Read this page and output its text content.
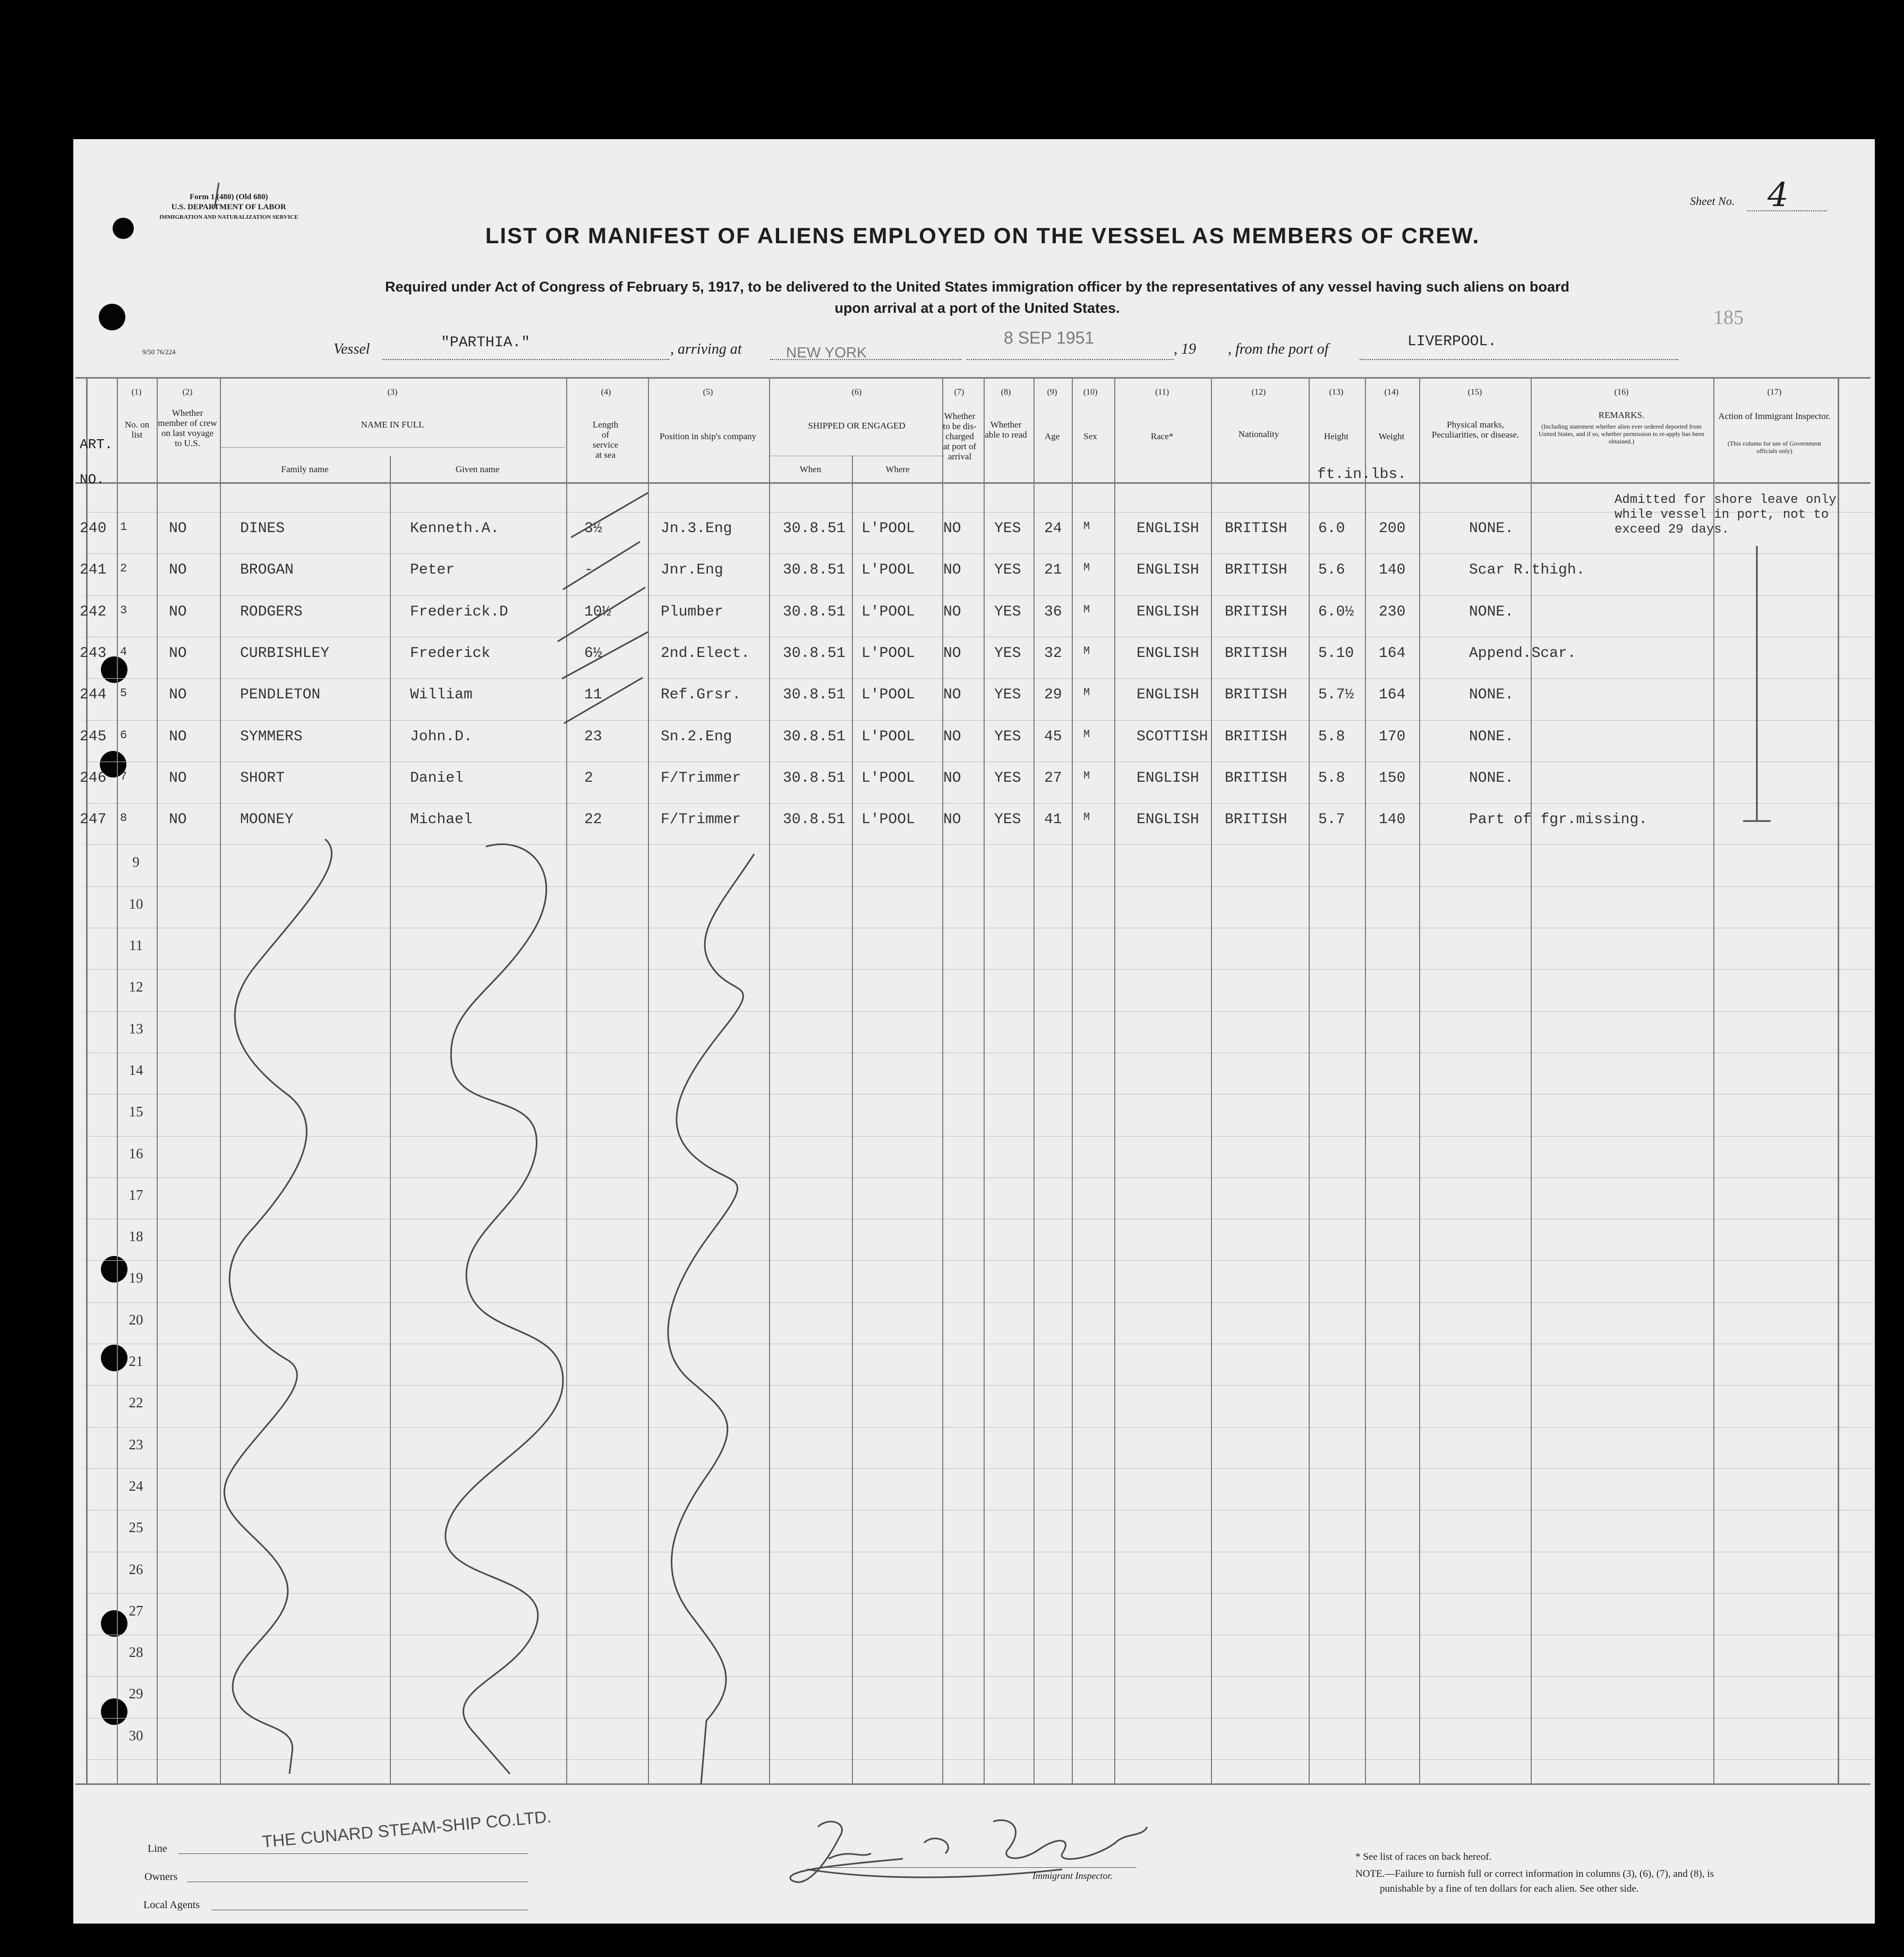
Form 1 (480) (Old 680)
U.S. DEPARTMENT OF LABOR
IMMIGRATION AND NATURALIZATION SERVICE
9/50 76/224
Sheet No. 4
185
LIST OR MANIFEST OF ALIENS EMPLOYED ON THE VESSEL AS MEMBERS OF CREW.
Required under Act of Congress of February 5, 1917, to be delivered to the United States immigration officer by the representatives of any vessel having such aliens on board
upon arrival at a port of the United States.
Vessel	"PARTHIA."	, arriving at	NEW YORK
8 SEP 1951
, 19 , from the port of	LIVERPOOL.
(1)
No. on list
(2)
Whether member of crew on last voyage to U.S.
(3)
NAME IN FULL
Family name	Given name
(4)
Length of service at sea
(5)
Position in ship's company
(6)
SHIPPED OR ENGAGED
When	Where
(7)
Whether to be dis-charged at port of arrival
(8)
Whether able to read
(9)
Age
(10)
Sex
(11)
Race*
(12)
Nationality
(13)
Height
(14)
Weight
(15)
Physical marks, Peculiarities, or disease.
(16)
REMARKS.
(Including statement whether alien ever ordered deported from United States, and if so, whether permission to re-apply has been obtained.)
(17)
Action of Immigrant Inspector.
(This column for use of Government officials only)
ART.
NO.	ft.in.lbs.
240 1	NO	DINES	Kenneth.A.	3½	Jn.3.Eng	30.8.51 L'POOL NO YES 24 M	ENGLISH BRITISH 6.0 200	NONE.
241 2	NO	BROGAN	Peter	-	Jnr.Eng	30.8.51 L'POOL NO YES 21 M	ENGLISH BRITISH 5.6 140	Scar R.thigh.
242 3	NO	RODGERS	Frederick.D	10½	Plumber	30.8.51 L'POOL NO YES 36 M	ENGLISH BRITISH 6.0½ 230	NONE.
243 4	NO	CURBISHLEY	Frederick	6½	2nd.Elect. 30.8.51 L'POOL NO YES 32 M	ENGLISH BRITISH 5.10 164	Append.Scar.
244 5	NO	PENDLETON	William	11	Ref.Grsr.	30.8.51 L'POOL NO YES 29 M	ENGLISH BRITISH 5.7½ 164	NONE.
245 6	NO	SYMMERS	John.D.	23	Sn.2.Eng	30.8.51 L'POOL NO YES 45 M	SCOTTISH BRITISH 5.8 170	NONE.
246 7	NO	SHORT	Daniel	2	F/Trimmer	30.8.51 L'POOL NO YES 27 M	ENGLISH BRITISH 5.8 150	NONE.
247 8	NO	MOONEY	Michael	22	F/Trimmer	30.8.51 L'POOL NO YES 41 M	ENGLISH BRITISH 5.7 140	Part of fgr.missing.
9
10
11
12
13
14
15
16
17
18
19
20
21
22
23
24
25
26
27
28
29
30
Admitted for shore leave only
while vessel in port, not to
exceed 29 days.
Line
Owners
Local Agents
THE CUNARD STEAM-SHIP CO.LTD.
Immigrant Inspector.
* See list of races on back hereof.
NOTE.—Failure to furnish full or correct information in columns (3), (6), (7), and (8), is
punishable by a fine of ten dollars for each alien. See other side.
